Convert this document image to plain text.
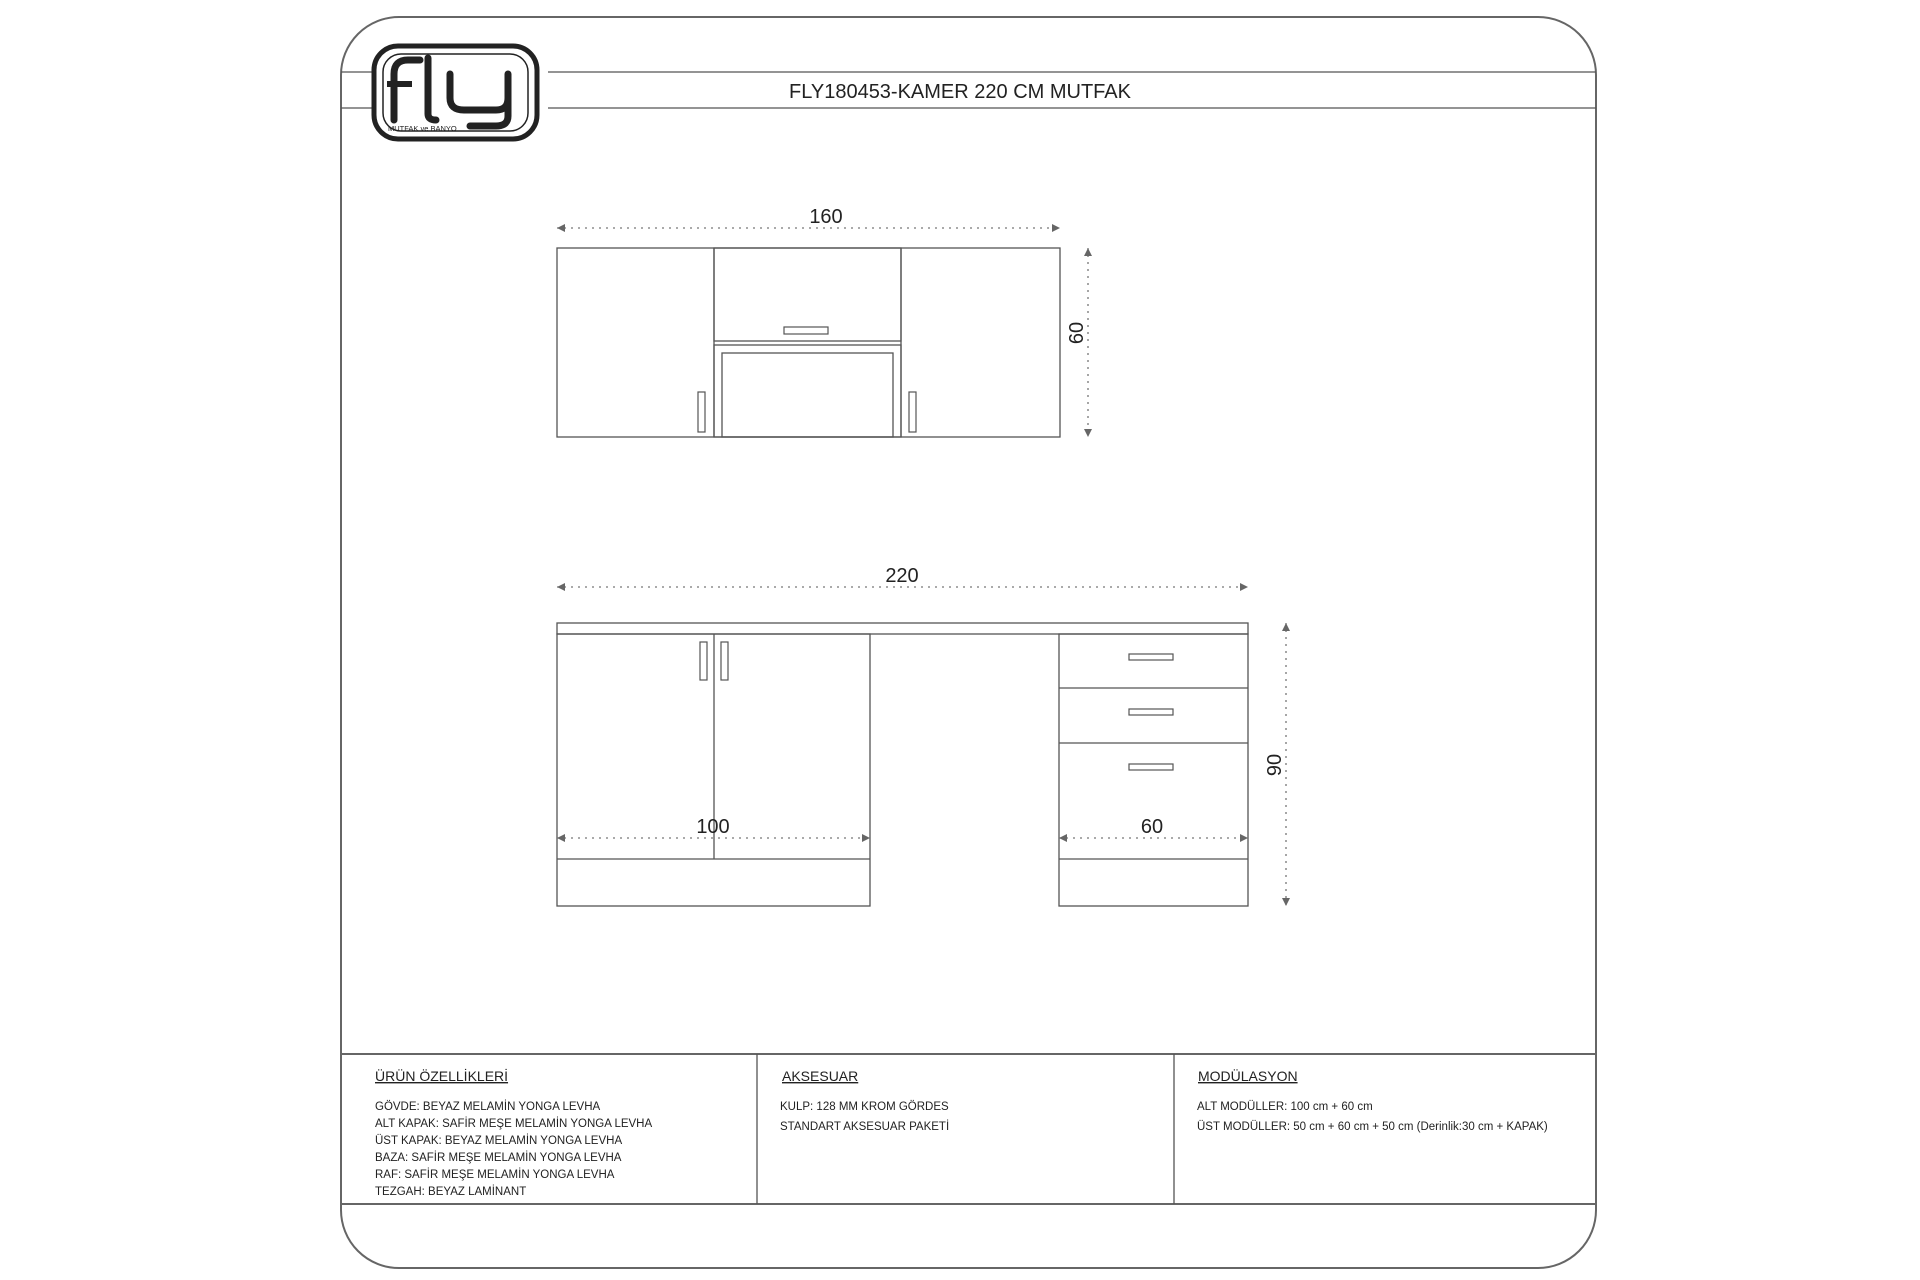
FLY180453-KAMER 220 CM MUTFAK
MUTFAK ve BANYO
160
60
220
90
100	60
ÜRÜN ÖZELLİKLERİ
GÖVDE: BEYAZ MELAMİN YONGA LEVHA
ALT KAPAK: SAFİR MEŞE MELAMİN YONGA LEVHA
ÜST KAPAK: BEYAZ MELAMİN YONGA LEVHA
BAZA: SAFİR MEŞE MELAMİN YONGA LEVHA
RAF: SAFİR MEŞE MELAMİN YONGA LEVHA
TEZGAH: BEYAZ LAMİNANT
AKSESUAR
KULP: 128 MM KROM GÖRDES
STANDART AKSESUAR PAKETİ
MODÜLASYON
ALT MODÜLLER: 100 cm + 60 cm
ÜST MODÜLLER: 50 cm + 60 cm + 50 cm (Derinlik:30 cm + KAPAK)
